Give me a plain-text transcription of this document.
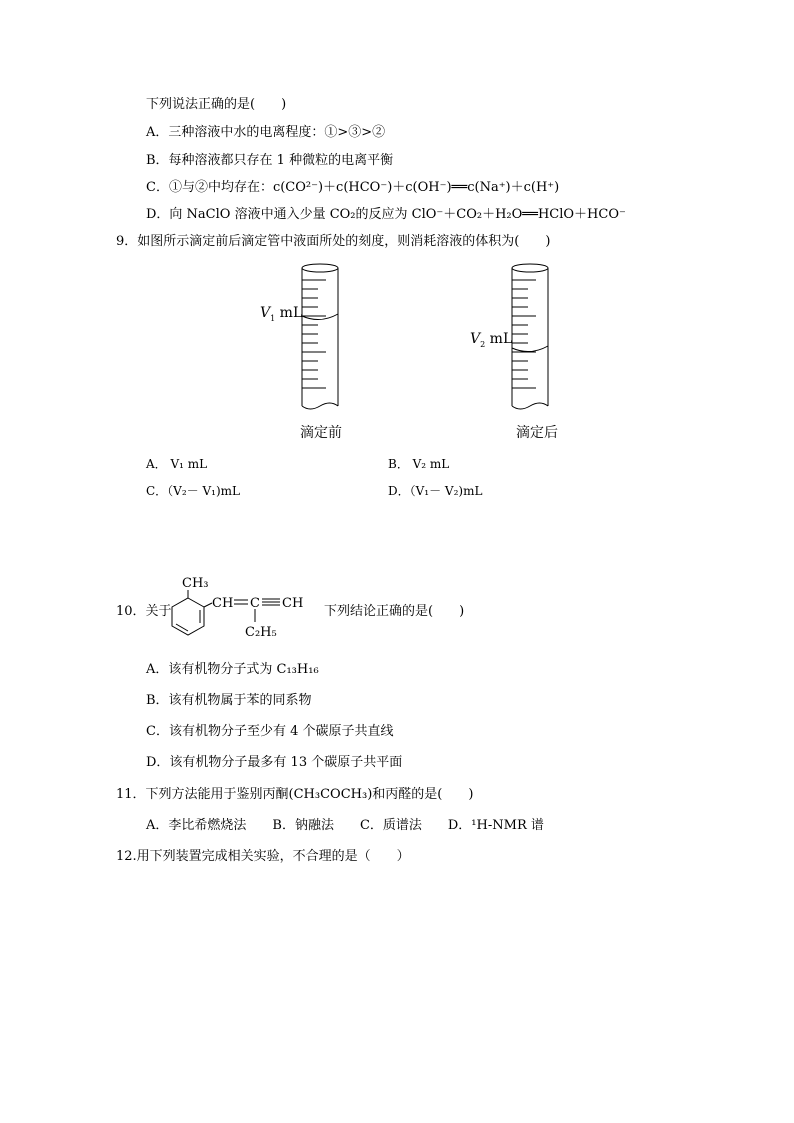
下列说法正确的是(　　)
A．三种溶液中水的电离程度：①>③>②
B．每种溶液都只存在 1 种微粒的电离平衡
C．①与②中均存在：c(CO²⁻)＋c(HCO⁻)＋c(OH⁻)══c(Na⁺)＋c(H⁺)
D．向 NaClO 溶液中通入少量 CO₂的反应为 ClO⁻＋CO₂＋H₂O══HClO＋HCO⁻
9．如图所示滴定前后滴定管中液面所处的刻度，则消耗溶液的体积为(　　)
$V_1$ mL
滴定前
$V_2$ mL
滴定后
A． V₁ mL	B． V₂ mL
C．（V₂－ V₁)mL	D．（V₁－ V₂)mL
10．关于
CH₃
CH C CH
C₂H₅
下列结论正确的是(　　)
A．该有机物分子式为 C₁₃H₁₆
B．该有机物属于苯的同系物
C．该有机物分子至少有 4 个碳原子共直线
D．该有机物分子最多有 13 个碳原子共平面
11．下列方法能用于鉴别丙酮(CH₃COCH₃)和丙醛的是(　　)
A．李比希燃烧法　　B．钠融法　　C．质谱法　　D．¹H-NMR 谱
12.用下列装置完成相关实验，不合理的是（　　）
